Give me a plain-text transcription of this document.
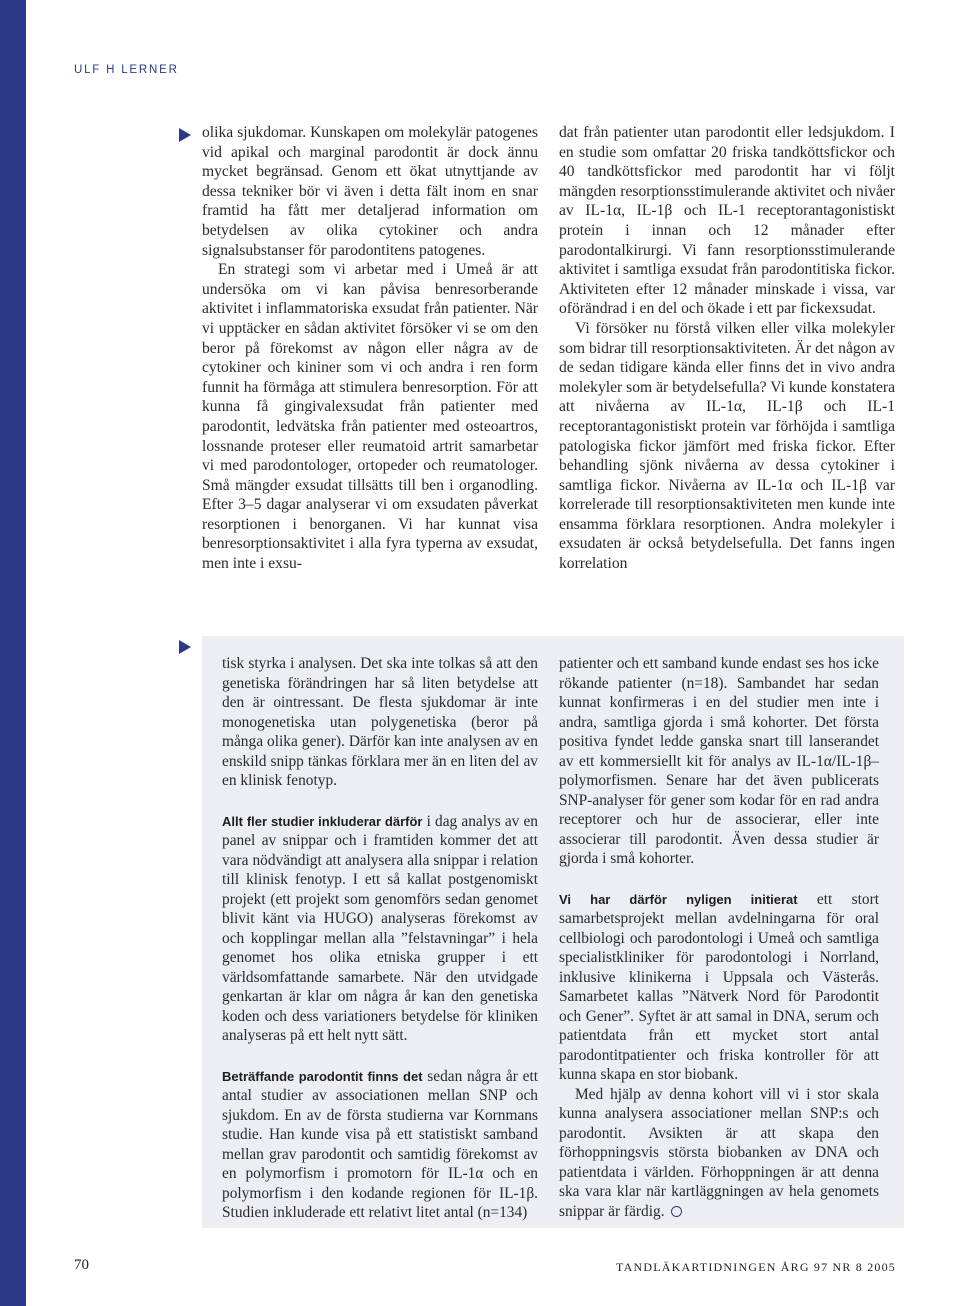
ULF H LERNER

olika sjukdomar. Kunskapen om molekylär patogenes vid apikal och marginal parodontit är dock ännu mycket begränsad. Genom ett ökat utnyttjande av dessa tekniker bör vi även i detta fält inom en snar framtid ha fått mer detaljerad information om betydelsen av olika cytokiner och andra signalsubstanser för parodontitens patogenes.

En strategi som vi arbetar med i Umeå är att undersöka om vi kan påvisa benresorberande aktivitet i inflammatoriska exsudat från patienter. När vi upptäcker en sådan aktivitet försöker vi se om den beror på förekomst av någon eller några av de cytokiner och kininer som vi och andra i ren form funnit ha förmåga att stimulera benresorption. För att kunna få gingivalexsudat från patienter med parodontit, ledvätska från patienter med osteoartros, lossnande proteser eller reumatoid artrit samarbetar vi med parodontologer, ortopeder och reumatologer. Små mängder exsudat tillsätts till ben i organodling. Efter 3–5 dagar analyserar vi om exsudaten påverkat resorptionen i benorganen. Vi har kunnat visa benresorptionsaktivitet i alla fyra typerna av exsudat, men inte i exsu-

dat från patienter utan parodontit eller ledsjukdom. I en studie som omfattar 20 friska tandköttsfickor och 40 tandköttsfickor med parodontit har vi följt mängden resorptionsstimulerande aktivitet och nivåer av IL-1α, IL-1β och IL-1 receptorantagonistiskt protein i innan och 12 månader efter parodontalkirurgi. Vi fann resorptionsstimulerande aktivitet i samtliga exsudat från parodontitiska fickor. Aktiviteten efter 12 månader minskade i vissa, var oförändrad i en del och ökade i ett par fickexsudat.

Vi försöker nu förstå vilken eller vilka molekyler som bidrar till resorptionsaktiviteten. Är det någon av de sedan tidigare kända eller finns det in vivo andra molekyler som är betydelsefulla? Vi kunde konstatera att nivåerna av IL-1α, IL-1β och IL-1 receptorantagonistiskt protein var förhöjda i samtliga patologiska fickor jämfört med friska fickor. Efter behandling sjönk nivåerna av dessa cytokiner i samtliga fickor. Nivåerna av IL-1α och IL-1β var korrelerade till resorptionsaktiviteten men kunde inte ensamma förklara resorptionen. Andra molekyler i exsudaten är också betydelsefulla. Det fanns ingen korrelation

tisk styrka i analysen. Det ska inte tolkas så att den genetiska förändringen har så liten betydelse att den är ointressant. De flesta sjukdomar är inte monogenetiska utan polygenetiska (beror på många olika gener). Därför kan inte analysen av en enskild snipp tänkas förklara mer än en liten del av en klinisk fenotyp.

Allt fler studier inkluderar därför i dag analys av en panel av snippar och i framtiden kommer det att vara nödvändigt att analysera alla snippar i relation till klinisk fenotyp. I ett så kallat postgenomiskt projekt (ett projekt som genomförs sedan genomet blivit känt via HUGO) analyseras förekomst av och kopplingar mellan alla ”felstavningar” i hela genomet hos olika etniska grupper i ett världsomfattande samarbete. När den utvidgade genkartan är klar om några år kan den genetiska koden och dess variationers betydelse för kliniken analyseras på ett helt nytt sätt.

Beträffande parodontit finns det sedan några år ett antal studier av associationen mellan SNP och sjukdom. En av de första studierna var Kornmans studie. Han kunde visa på ett statistiskt samband mellan grav parodontit och samtidig förekomst av en polymorfism i promotorn för IL-1α och en polymorfism i den kodande regionen för IL-1β. Studien inkluderade ett relativt litet antal (n=134)

patienter och ett samband kunde endast ses hos icke rökande patienter (n=18). Sambandet har sedan kunnat konfirmeras i en del studier men inte i andra, samtliga gjorda i små kohorter. Det första positiva fyndet ledde ganska snart till lanserandet av ett kommersiellt kit för analys av IL-1α/IL-1β–polymorfismen. Senare har det även publicerats SNP-analyser för gener som kodar för en rad andra receptorer och hur de associerar, eller inte associerar till parodontit. Även dessa studier är gjorda i små kohorter.

Vi har därför nyligen initierat ett stort samarbetsprojekt mellan avdelningarna för oral cellbiologi och parodontologi i Umeå och samtliga specialistkliniker för parodontologi i Norrland, inklusive klinikerna i Uppsala och Västerås. Samarbetet kallas ”Nätverk Nord för Parodontit och Gener”. Syftet är att samal in DNA, serum och patientdata från ett mycket stort antal parodontitpatienter och friska kontroller för att kunna skapa en stor biobank.

Med hjälp av denna kohort vill vi i stor skala kunna analysera associationer mellan SNP:s och parodontit. Avsikten är att skapa den förhoppningsvis största biobanken av DNA och patientdata i världen. Förhoppningen är att denna ska vara klar när kartläggningen av hela genomets snippar är färdig.

70	TANDLÄKARTIDNINGEN ÅRG 97 NR 8 2005
